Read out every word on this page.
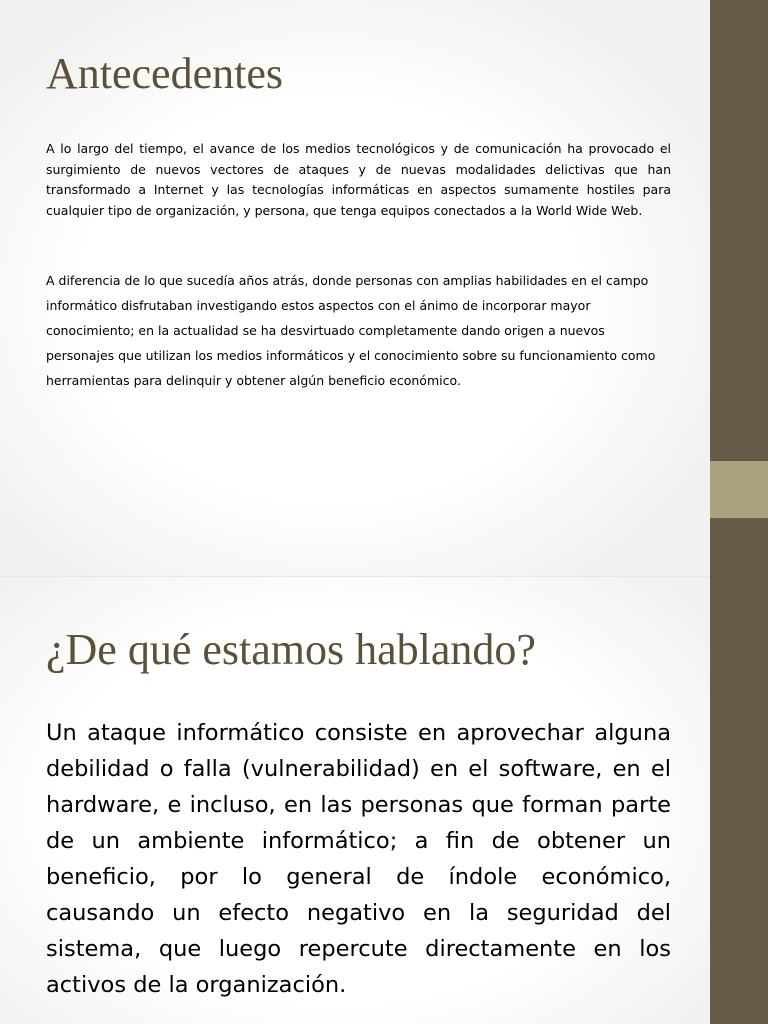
Antecedentes

A lo largo del tiempo, el avance de los medios tecnológicos y de comunicación ha provocado el surgimiento de nuevos vectores de ataques y de nuevas modalidades delictivas que han transformado a Internet y las tecnologías informáticas en aspectos sumamente hostiles para cualquier tipo de organización, y persona, que tenga equipos conectados a la World Wide Web.

A diferencia de lo que sucedía años atrás, donde personas con amplias habilidades en el campo informático disfrutaban investigando estos aspectos con el ánimo de incorporar mayor conocimiento; en la actualidad se ha desvirtuado completamente dando origen a nuevos personajes que utilizan los medios informáticos y el conocimiento sobre su funcionamiento como herramientas para delinquir y obtener algún beneficio económico.

¿De qué estamos hablando?

Un ataque informático consiste en aprovechar alguna debilidad o falla (vulnerabilidad) en el software, en el hardware, e incluso, en las personas que forman parte de un ambiente informático; a fin de obtener un beneficio, por lo general de índole económico, causando un efecto negativo en la seguridad del sistema, que luego repercute directamente en los activos de la organización.
